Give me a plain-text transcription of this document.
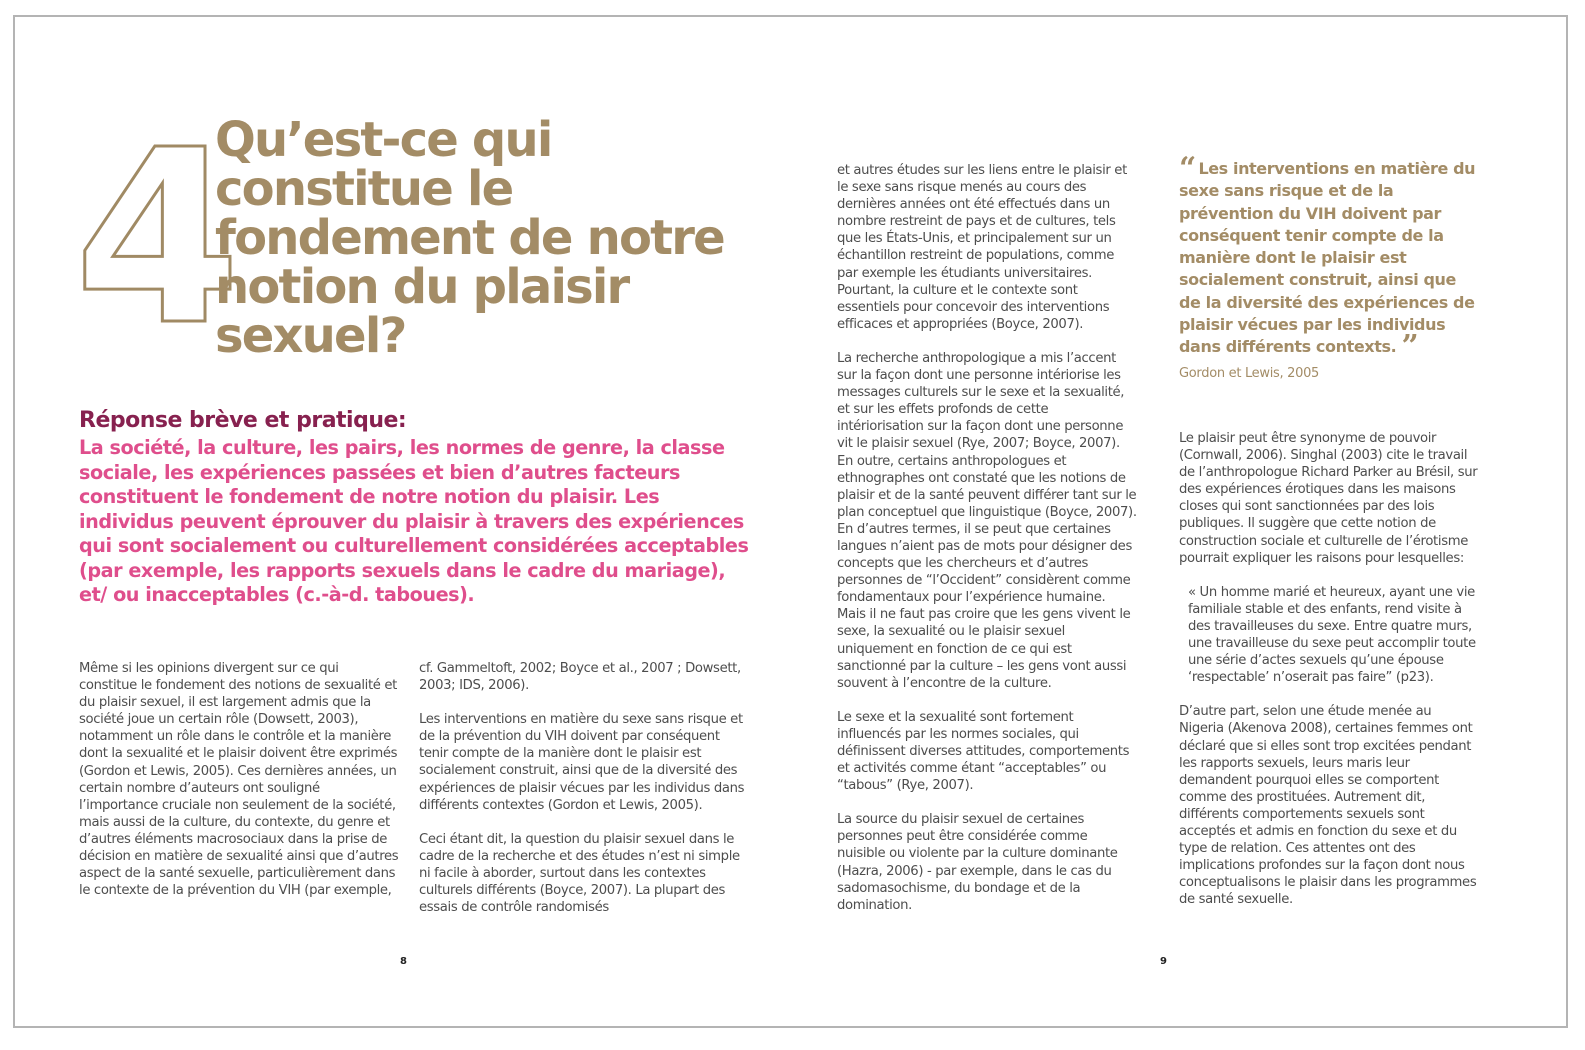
4
Qu’est-ce qui constitue le fondement de notre notion du plaisir sexuel?
Réponse brève et pratique:

La société, la culture, les pairs, les normes de genre, la classe sociale, les expériences passées et bien d’autres facteurs constituent le fondement de notre notion du plaisir. Les individus peuvent éprouver du plaisir à travers des expériences qui sont socialement ou culturellement considérées acceptables (par exemple, les rapports sexuels dans le cadre du mariage), et/ ou inacceptables (c.-à-d. taboues).

Même si les opinions divergent sur ce qui constitue le fondement des notions de sexualité et du plaisir sexuel, il est largement admis que la société joue un certain rôle (Dowsett, 2003), notamment un rôle dans le contrôle et la manière dont la sexualité et le plaisir doivent être exprimés (Gordon et Lewis, 2005). Ces dernières années, un certain nombre d’auteurs ont souligné l’importance cruciale non seulement de la société, mais aussi de la culture, du contexte, du genre et d’autres éléments macrosociaux dans la prise de décision en matière de sexualité ainsi que d’autres aspect de la santé sexuelle, particulièrement dans le contexte de la prévention du VIH (par exemple,

cf. Gammeltoft, 2002; Boyce et al., 2007 ; Dowsett, 2003; IDS, 2006).

Les interventions en matière du sexe sans risque et de la prévention du VIH doivent par conséquent tenir compte de la manière dont le plaisir est socialement construit, ainsi que de la diversité des expériences de plaisir vécues par les individus dans différents contextes (Gordon et Lewis, 2005).

Ceci étant dit, la question du plaisir sexuel dans le cadre de la recherche et des études n’est ni simple ni facile à aborder, surtout dans les contextes culturels différents (Boyce, 2007). La plupart des essais de contrôle randomisés

et autres études sur les liens entre le plaisir et le sexe sans risque menés au cours des dernières années ont été effectués dans un nombre restreint de pays et de cultures, tels que les États-Unis, et principalement sur un échantillon restreint de populations, comme par exemple les étudiants universitaires. Pourtant, la culture et le contexte sont essentiels pour concevoir des interventions efficaces et appropriées (Boyce, 2007).

La recherche anthropologique a mis l’accent sur la façon dont une personne intériorise les messages culturels sur le sexe et la sexualité, et sur les effets profonds de cette intériorisation sur la façon dont une personne vit le plaisir sexuel (Rye, 2007; Boyce, 2007). En outre, certains anthropologues et ethnographes ont constaté que les notions de plaisir et de la santé peuvent différer tant sur le plan conceptuel que linguistique (Boyce, 2007). En d’autres termes, il se peut que certaines langues n’aient pas de mots pour désigner des concepts que les chercheurs et d’autres personnes de “l’Occident” considèrent comme fondamentaux pour l’expérience humaine. Mais il ne faut pas croire que les gens vivent le sexe, la sexualité ou le plaisir sexuel uniquement en fonction de ce qui est sanctionné par la culture – les gens vont aussi souvent à l’encontre de la culture.

Le sexe et la sexualité sont fortement influencés par les normes sociales, qui définissent diverses attitudes, comportements et activités comme étant “acceptables” ou “tabous” (Rye, 2007).

La source du plaisir sexuel de certaines personnes peut être considérée comme nuisible ou violente par la culture dominante (Hazra, 2006) - par exemple, dans le cas du sadomasochisme, du bondage et de la domination.

“ Les interventions en matière du sexe sans risque et de la prévention du VIH doivent par conséquent tenir compte de la manière dont le plaisir est socialement construit, ainsi que de la diversité des expériences de plaisir vécues par les individus dans différents contexts. ”

Gordon et Lewis, 2005

Le plaisir peut être synonyme de pouvoir (Cornwall, 2006). Singhal (2003) cite le travail de l’anthropologue Richard Parker au Brésil, sur des expériences érotiques dans les maisons closes qui sont sanctionnées par des lois publiques. Il suggère que cette notion de construction sociale et culturelle de l’érotisme pourrait expliquer les raisons pour lesquelles:

« Un homme marié et heureux, ayant une vie familiale stable et des enfants, rend visite à des travailleuses du sexe. Entre quatre murs, une travailleuse du sexe peut accomplir toute une série d’actes sexuels qu’une épouse ‘respectable’ n’oserait pas faire” (p23).

D’autre part, selon une étude menée au Nigeria (Akenova 2008), certaines femmes ont déclaré que si elles sont trop excitées pendant les rapports sexuels, leurs maris leur demandent pourquoi elles se comportent comme des prostituées. Autrement dit, différents comportements sexuels sont acceptés et admis en fonction du sexe et du type de relation. Ces attentes ont des implications profondes sur la façon dont nous conceptualisons le plaisir dans les programmes de santé sexuelle.

8	9
